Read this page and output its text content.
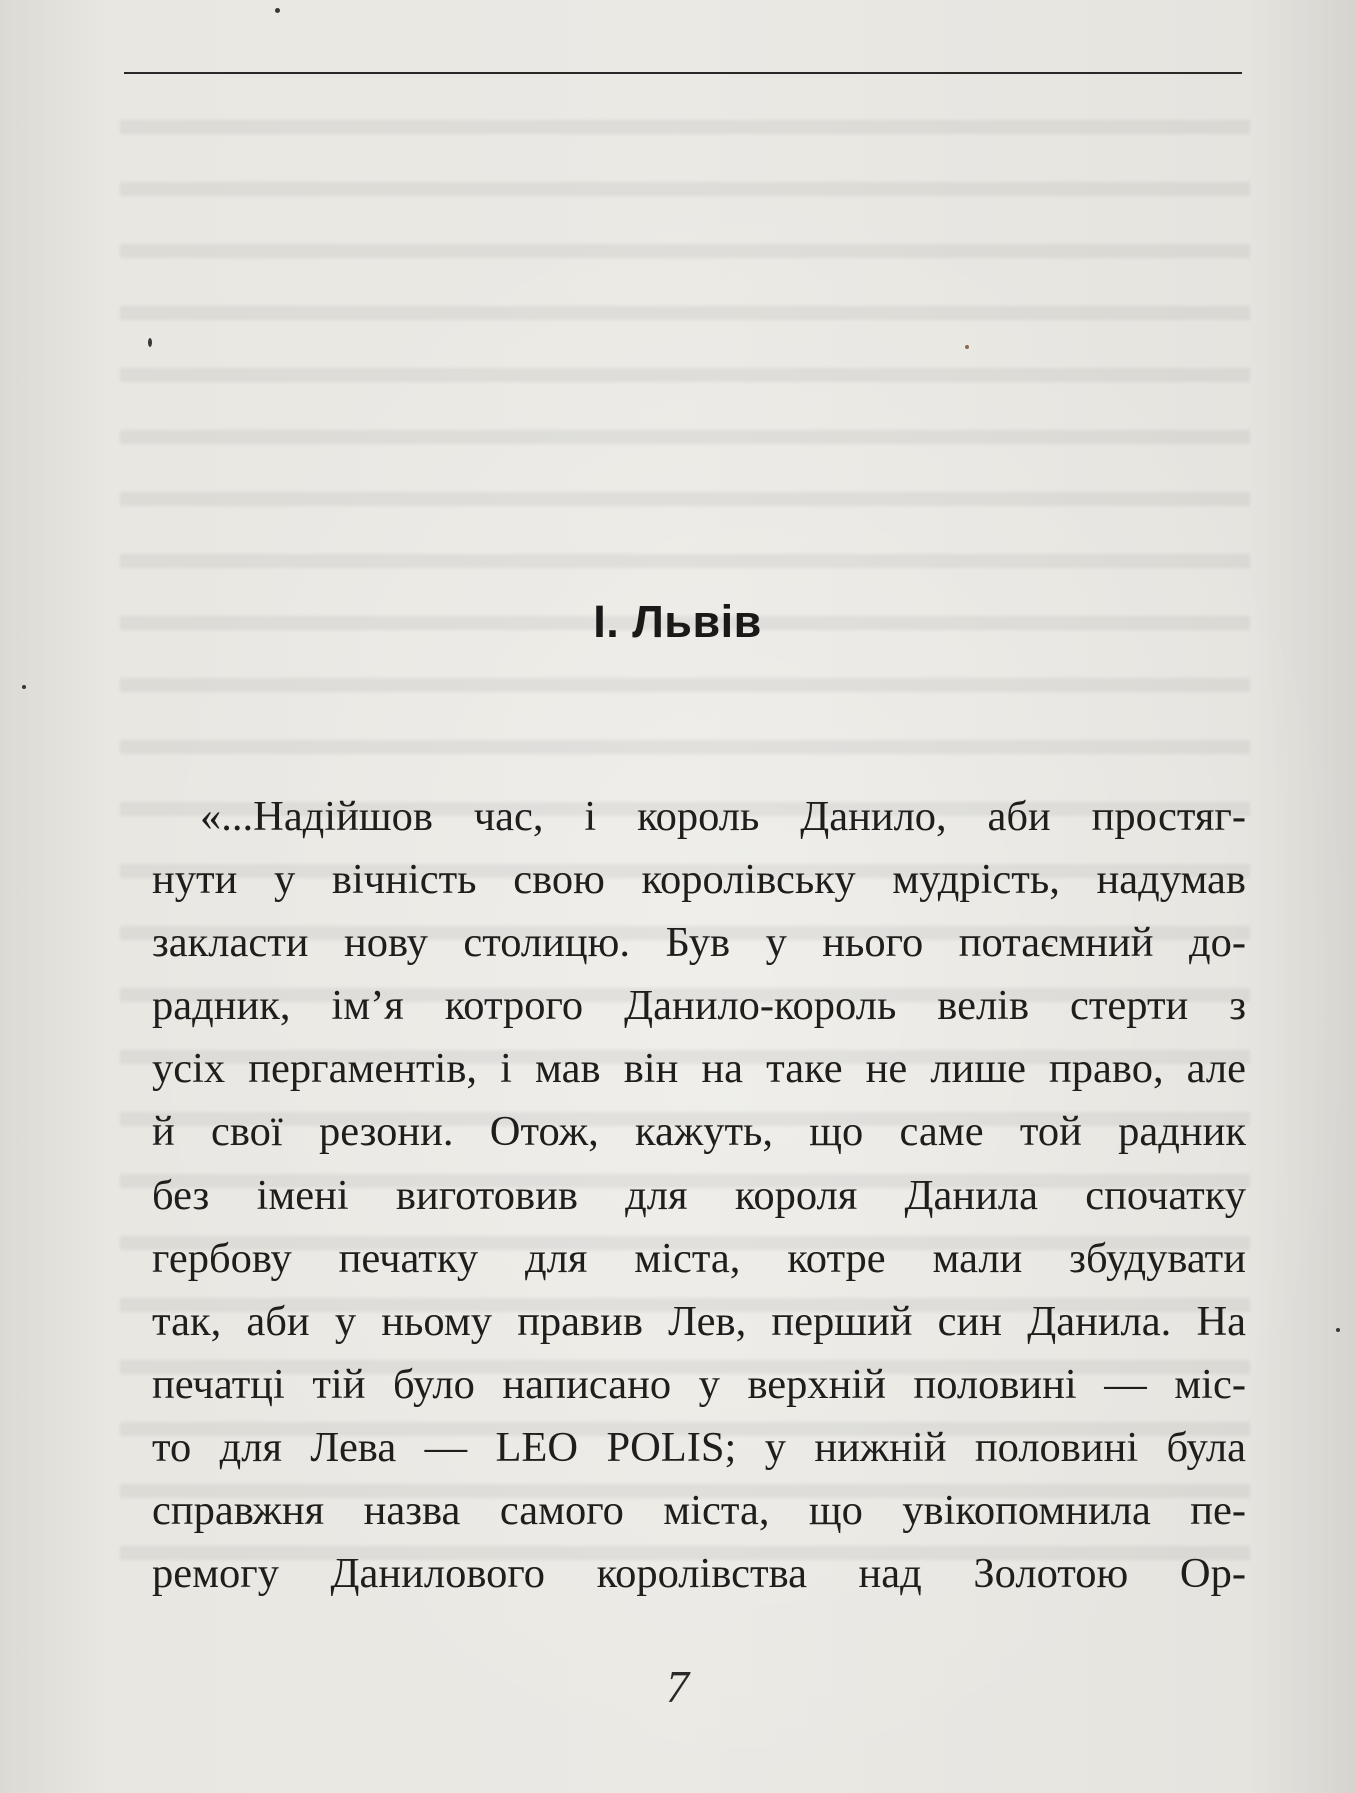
І. Львів
«...Надійшов час, і король Данило, аби простяг-
нути у вічність свою королівську мудрість, надумав
закласти нову столицю. Був у нього потаємний до-
радник, ім’я котрого Данило-король велів стерти з
усіх пергаментів, і мав він на таке не лише право, але
й свої резони. Отож, кажуть, що саме той радник
без імені виготовив для короля Данила спочатку
гербову печатку для міста, котре мали збудувати
так, аби у ньому правив Лев, перший син Данила. На
печатці тій було написано у верхній половині — міс-
то для Лева — LEO POLIS; у нижній половині була
справжня назва самого міста, що увікопомнила пе-
ремогу Данилового королівства над Золотою Ор-
7
